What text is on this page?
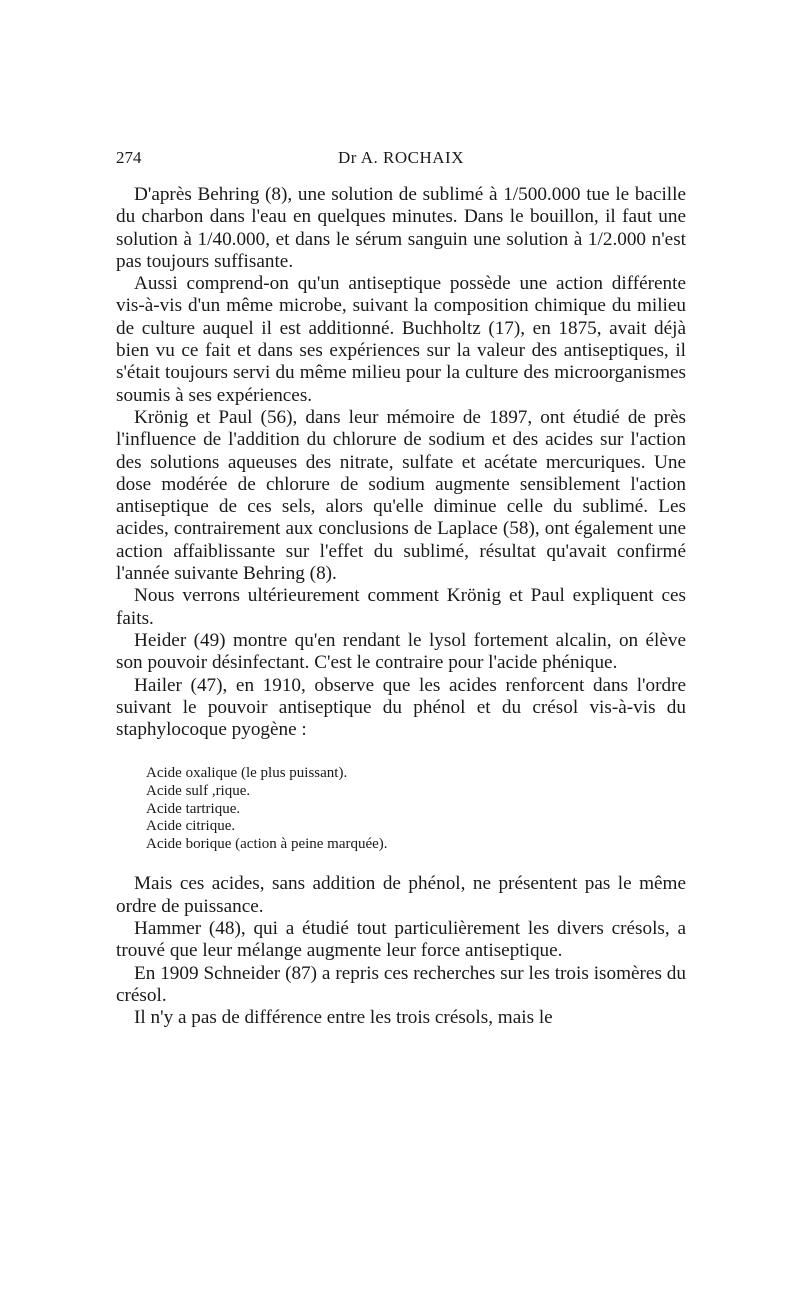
274	Dr A. ROCHAIX

D'après Behring (8), une solution de sublimé à 1/500.000 tue le bacille du charbon dans l'eau en quelques minutes. Dans le bouillon, il faut une solution à 1/40.000, et dans le sérum sanguin une solution à 1/2.000 n'est pas toujours suffisante.

Aussi comprend-on qu'un antiseptique possède une action différente vis-à-vis d'un même microbe, suivant la composition chimique du milieu de culture auquel il est additionné. Buchholtz (17), en 1875, avait déjà bien vu ce fait et dans ses expériences sur la valeur des antiseptiques, il s'était toujours servi du même milieu pour la culture des microorganismes soumis à ses expériences.

Krönig et Paul (56), dans leur mémoire de 1897, ont étudié de près l'influence de l'addition du chlorure de sodium et des acides sur l'action des solutions aqueuses des nitrate, sulfate et acétate mercuriques. Une dose modérée de chlorure de sodium augmente sensiblement l'action antiseptique de ces sels, alors qu'elle diminue celle du sublimé. Les acides, contrairement aux conclusions de Laplace (58), ont également une action affaiblissante sur l'effet du sublimé, résultat qu'avait confirmé l'année suivante Behring (8).

Nous verrons ultérieurement comment Krönig et Paul expliquent ces faits.

Heider (49) montre qu'en rendant le lysol fortement alcalin, on élève son pouvoir désinfectant. C'est le contraire pour l'acide phénique.

Hailer (47), en 1910, observe que les acides renforcent dans l'ordre suivant le pouvoir antiseptique du phénol et du crésol vis-à-vis du staphylocoque pyogène :

Acide oxalique (le plus puissant).
Acide sulf ,rique.
Acide tartrique.
Acide citrique.
Acide borique (action à peine marquée).

Mais ces acides, sans addition de phénol, ne présentent pas le même ordre de puissance.

Hammer (48), qui a étudié tout particulièrement les divers crésols, a trouvé que leur mélange augmente leur force antiseptique.

En 1909 Schneider (87) a repris ces recherches sur les trois isomères du crésol.

Il n'y a pas de différence entre les trois crésols, mais le
